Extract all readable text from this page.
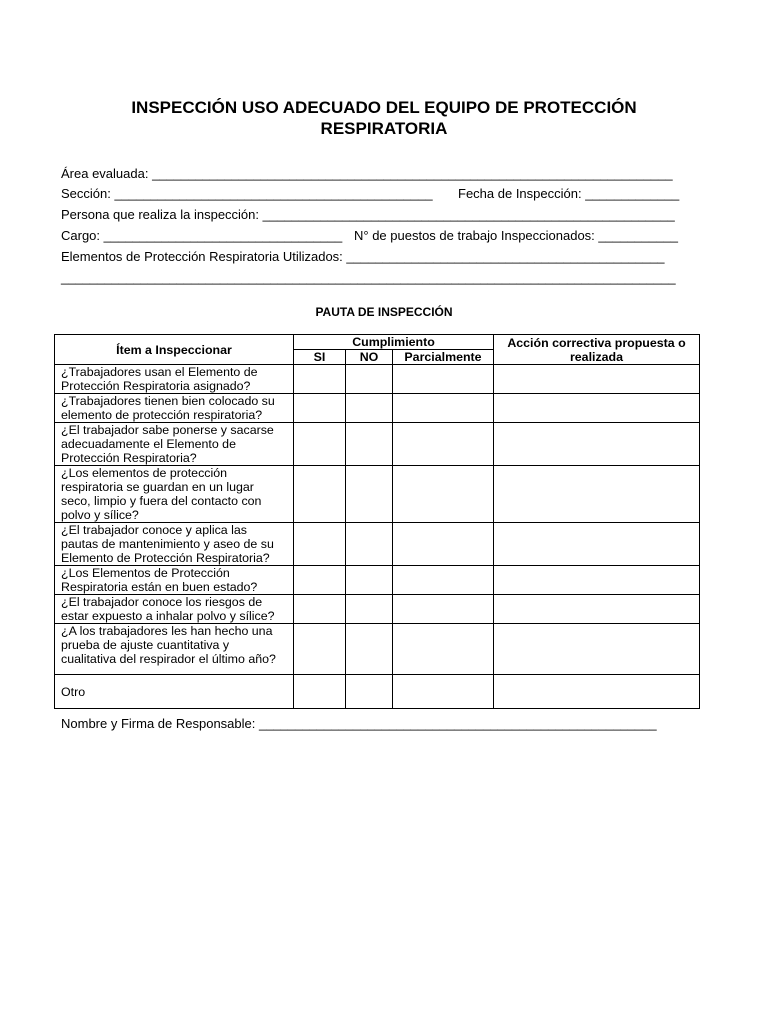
INSPECCIÓN USO ADECUADO DEL EQUIPO DE PROTECCIÓN
RESPIRATORIA
Área evaluada: ________________________________________________________________________
Sección: ____________________________________________ Fecha de Inspección: _____________
Persona que realiza la inspección: _________________________________________________________
Cargo: _________________________________ N° de puestos de trabajo Inspeccionados: ___________
Elementos de Protección Respiratoria Utilizados: ____________________________________________
_____________________________________________________________________________________
PAUTA DE INSPECCIÓN
Ítem a Inspeccionar	Cumplimiento			Acción correctiva propuesta o
realizada

	SI	NO	Parcialmente	

¿Trabajadores usan el Elemento de
Protección Respiratoria asignado?				

¿Trabajadores tienen bien colocado su
elemento de protección respiratoria?				

¿El trabajador sabe ponerse y sacarse
adecuadamente el Elemento de
Protección Respiratoria?				

¿Los elementos de protección
respiratoria se guardan en un lugar
seco, limpio y fuera del contacto con
polvo y sílice?				

¿El trabajador conoce y aplica las
pautas de mantenimiento y aseo de su
Elemento de Protección Respiratoria?				

¿Los Elementos de Protección
Respiratoria están en buen estado?				

¿El trabajador conoce los riesgos de
estar expuesto a inhalar polvo y sílice?				

¿A los trabajadores les han hecho una
prueba de ajuste cuantitativa y
cualitativa del respirador el último año?				

Otro				

Nombre y Firma de Responsable: _______________________________________________________
